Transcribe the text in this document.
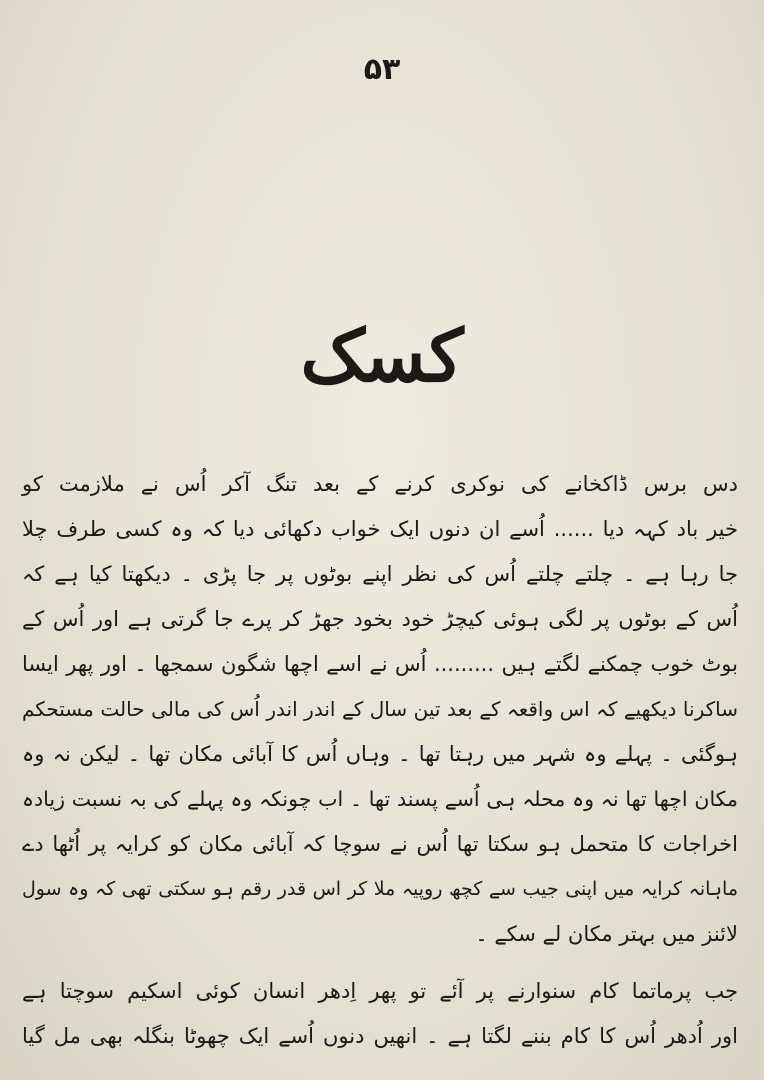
۵۳
کسک
دس برس ڈاکخانے کی نوکری کرنے کے بعد تنگ آکر اُس نے ملازمت کو
خیر باد کہہ دیا ...... اُسے ان دنوں ایک خواب دکھائی دیا کہ وہ کسی طرف چلا
جا رہا ہے ۔ چلتے چلتے اُس کی نظر اپنے بوٹوں پر جا پڑی ۔ دیکھتا کیا ہے کہ
اُس کے بوٹوں پر لگی ہوئی کیچڑ خود بخود جھڑ کر پرے جا گرتی ہے اور اُس کے
بوٹ خوب چمکنے لگتے ہیں ......... اُس نے اسے اچھا شگون سمجھا ۔ اور پھر ایسا
ساکرنا دیکھیے کہ اس واقعہ کے بعد تین سال کے اندر اندر اُس کی مالی حالت مستحکم
ہوگئی ۔ پہلے وہ شہر میں رہتا تھا ۔ وہاں اُس کا آبائی مکان تھا ۔ لیکن نہ وہ
مکان اچھا تھا نہ وہ محلہ ہی اُسے پسند تھا ۔ اب چونکہ وہ پہلے کی بہ نسبت زیادہ
اخراجات کا متحمل ہو سکتا تھا اُس نے سوچا کہ آبائی مکان کو کرایہ پر اُٹھا دے
ماہانہ کرایہ میں اپنی جیب سے کچھ روپیہ ملا کر اس قدر رقم ہو سکتی تھی کہ وہ سول
لائنز میں بہتر مکان لے سکے ۔
جب پرماتما کام سنوارنے پر آئے تو پھر اِدھر انسان کوئی اسکیم سوچتا ہے
اور اُدھر اُس کا کام بننے لگتا ہے ۔ انھیں دنوں اُسے ایک چھوٹا بنگلہ بھی مل گیا
